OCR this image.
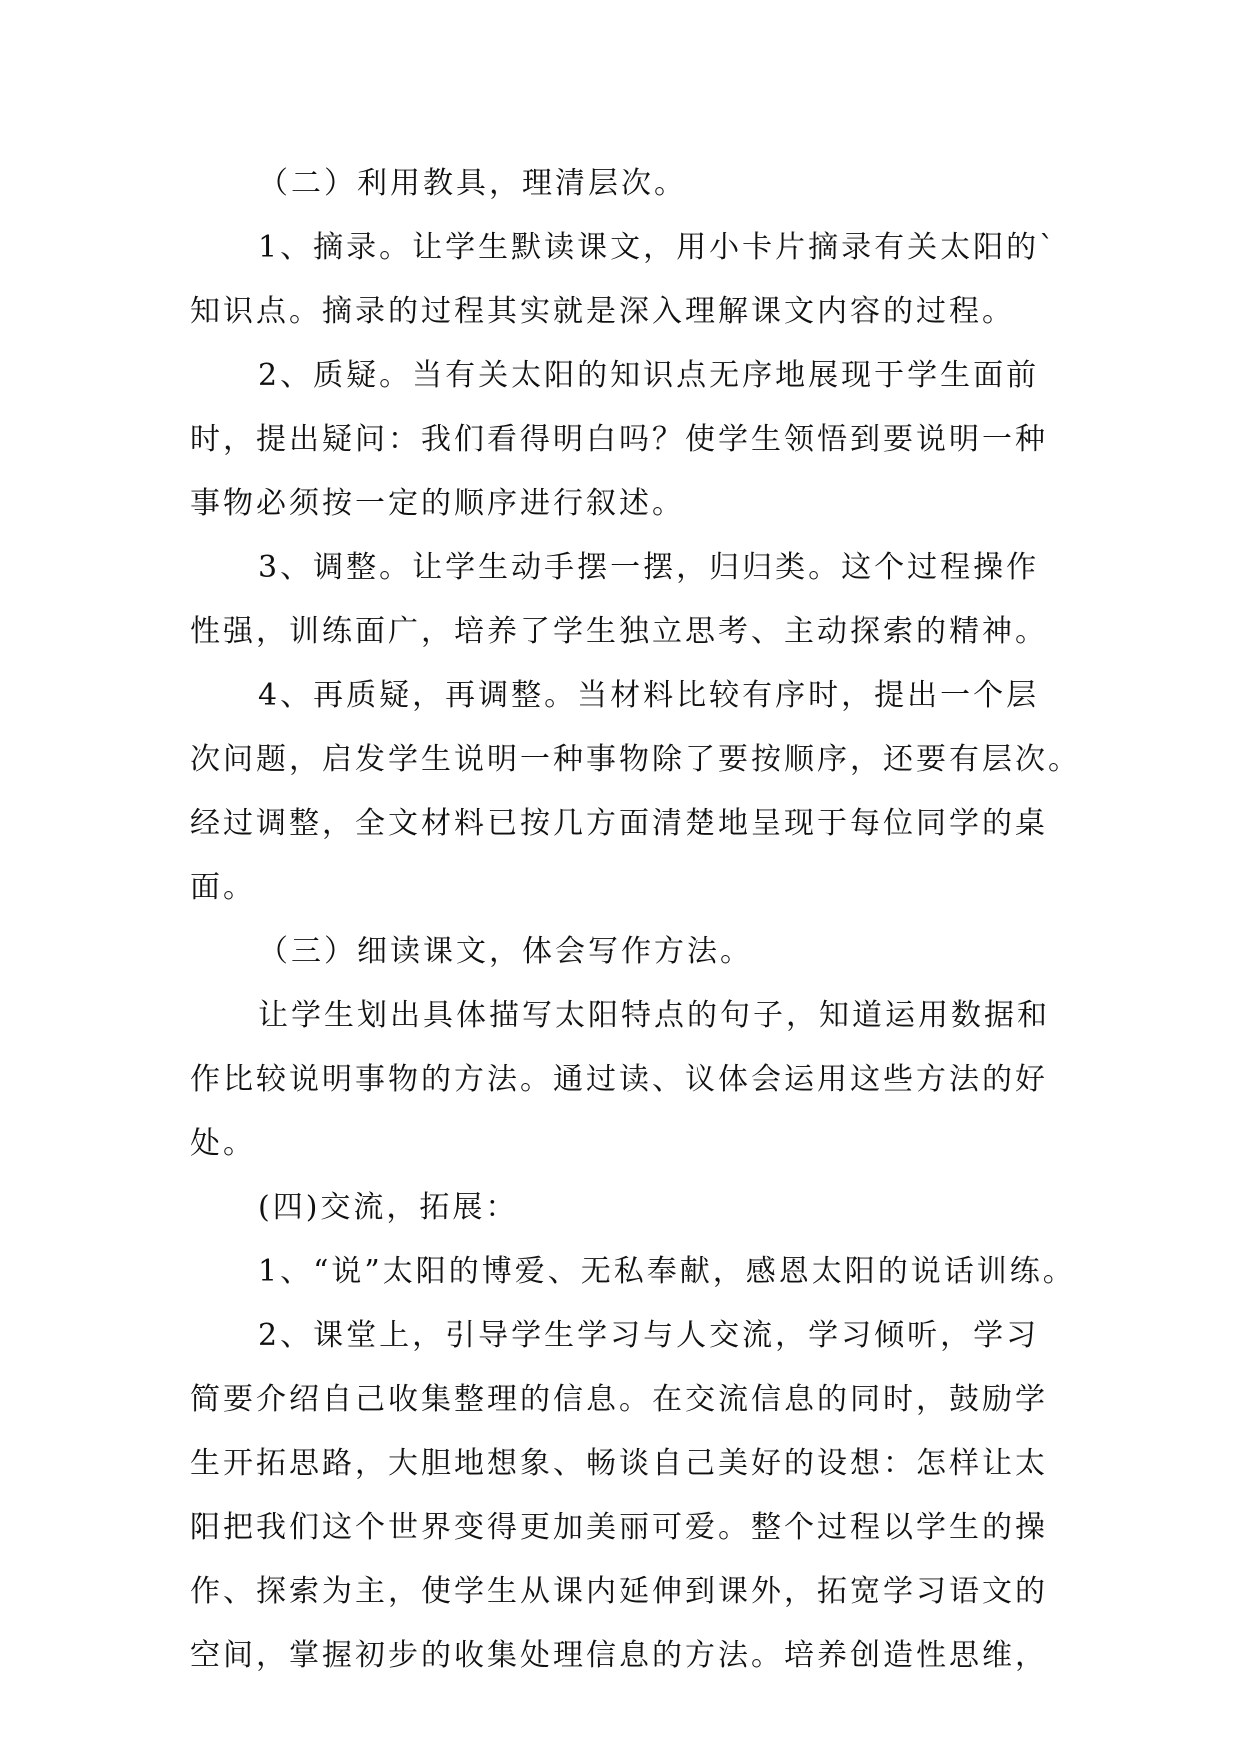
（二）利用教具，理清层次。
1、摘录。让学生默读课文，用小卡片摘录有关太阳的`
知识点。摘录的过程其实就是深入理解课文内容的过程。
2、质疑。当有关太阳的知识点无序地展现于学生面前
时，提出疑问：我们看得明白吗？使学生领悟到要说明一种
事物必须按一定的顺序进行叙述。
3、调整。让学生动手摆一摆，归归类。这个过程操作
性强，训练面广，培养了学生独立思考、主动探索的精神。
4、再质疑，再调整。当材料比较有序时，提出一个层
次问题，启发学生说明一种事物除了要按顺序，还要有层次。
经过调整，全文材料已按几方面清楚地呈现于每位同学的桌
面。
（三）细读课文，体会写作方法。
让学生划出具体描写太阳特点的句子，知道运用数据和
作比较说明事物的方法。通过读、议体会运用这些方法的好
处。
(四)交流，拓展：
1、“说”太阳的博爱、无私奉献，感恩太阳的说话训练。
2、课堂上，引导学生学习与人交流，学习倾听，学习
简要介绍自己收集整理的信息。在交流信息的同时，鼓励学
生开拓思路，大胆地想象、畅谈自己美好的设想：怎样让太
阳把我们这个世界变得更加美丽可爱。整个过程以学生的操
作、探索为主，使学生从课内延伸到课外，拓宽学习语文的
空间，掌握初步的收集处理信息的方法。培养创造性思维，
